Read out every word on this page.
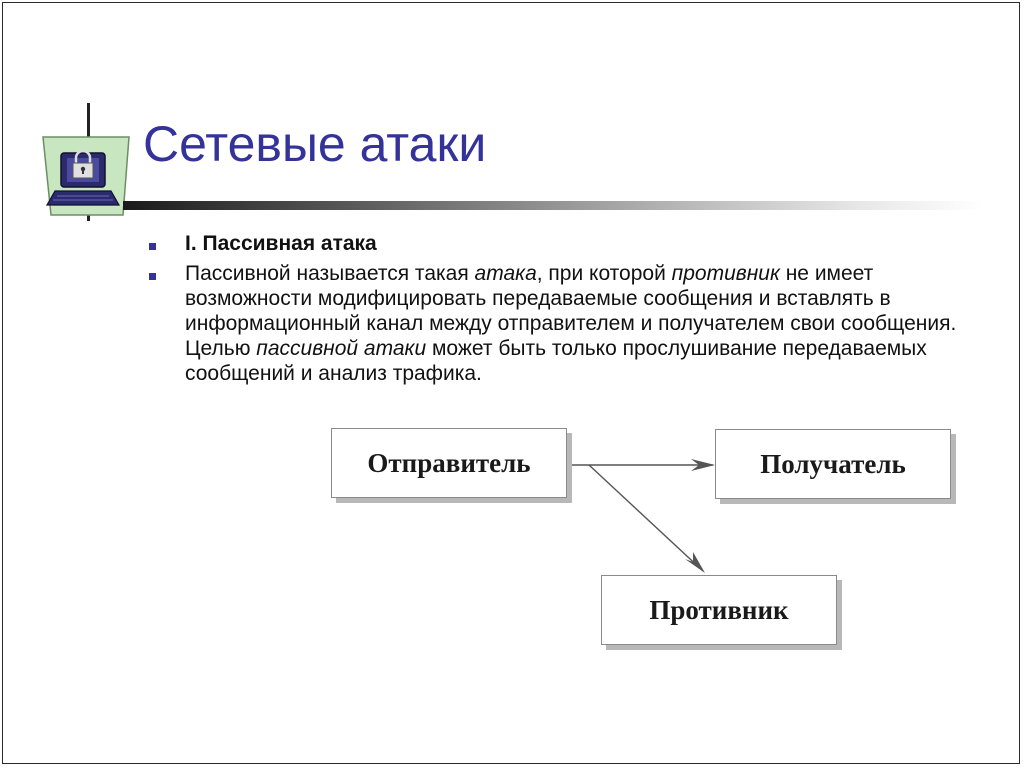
Сетевые атаки
I. Пассивная атака
Пассивной называется такая атака, при которой противник не имеет возможности модифицировать передаваемые сообщения и вставлять в информационный канал между отправителем и получателем свои сообщения. Целью пассивной атаки может быть только прослушивание передаваемых сообщений и анализ трафика.
Отправитель	Получатель
Противник
